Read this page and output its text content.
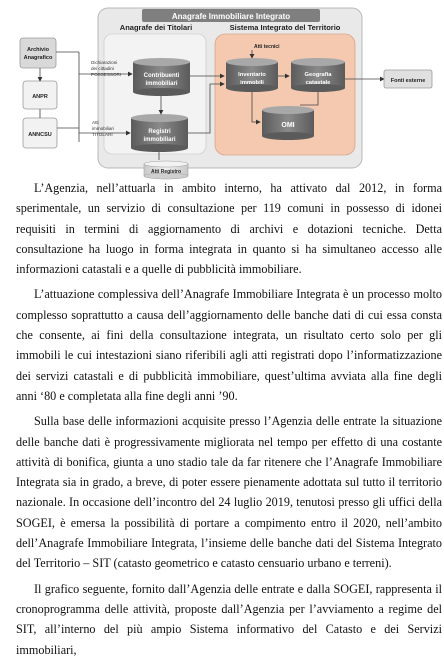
Anagrafe Immobiliare Integrato
Anagrafe dei Titolari	Sistema Integrato del Territorio
Archivio
Anagrafico
ANPR
ANNCSU
Dichiarazioni
dei cittadini
POSSESSORI
Atti
immobiliari
TITOLARI
Contribuenti
immobiliari
Registri
immobiliari
Atti tecnici
Inventario
immobili
Geografia
catastale
OMI
Fonti esterne
Atti Registro

L’Agenzia, nell’attuarla in ambito interno, ha attivato dal 2012, in forma sperimentale, un servizio di consultazione per 119 comuni in possesso di idonei requisiti in termini di aggiornamento di archivi e dotazioni tecniche. Detta consultazione ha luogo in forma integrata in quanto si ha simultaneo accesso alle informazioni catastali e a quelle di pubblicità immobiliare.

L’attuazione complessiva dell’Anagrafe Immobiliare Integrata è un processo molto complesso soprattutto a causa dell’aggiornamento delle banche dati di cui essa consta che consente, ai fini della consultazione integrata, un risultato certo solo per gli immobili le cui intestazioni siano riferibili agli atti registrati dopo l’informatizzazione dei servizi catastali e di pubblicità immobiliare, quest’ultima avviata alla fine degli anni ‘80 e completata alla fine degli anni ’90.

Sulla base delle informazioni acquisite presso l’Agenzia delle entrate la situazione delle banche dati è progressivamente migliorata nel tempo per effetto di una costante attività di bonifica, giunta a uno stadio tale da far ritenere che l’Anagrafe Immobiliare Integrata sia in grado, a breve, di poter essere pienamente adottata sul tutto il territorio nazionale. In occasione dell’incontro del 24 luglio 2019, tenutosi presso gli uffici della SOGEI, è emersa la possibilità di portare a compimento entro il 2020, nell’ambito dell’Anagrafe Immobiliare Integrata, l’insieme delle banche dati del Sistema Integrato del Territorio – SIT (catasto geometrico e catasto censuario urbano e terreni).

Il grafico seguente, fornito dall’Agenzia delle entrate e dalla SOGEI, rappresenta il cronoprogramma delle attività, proposte dall’Agenzia per l’avviamento a regime del SIT, all’interno del più ampio Sistema informativo del Catasto e dei Servizi immobiliari,
